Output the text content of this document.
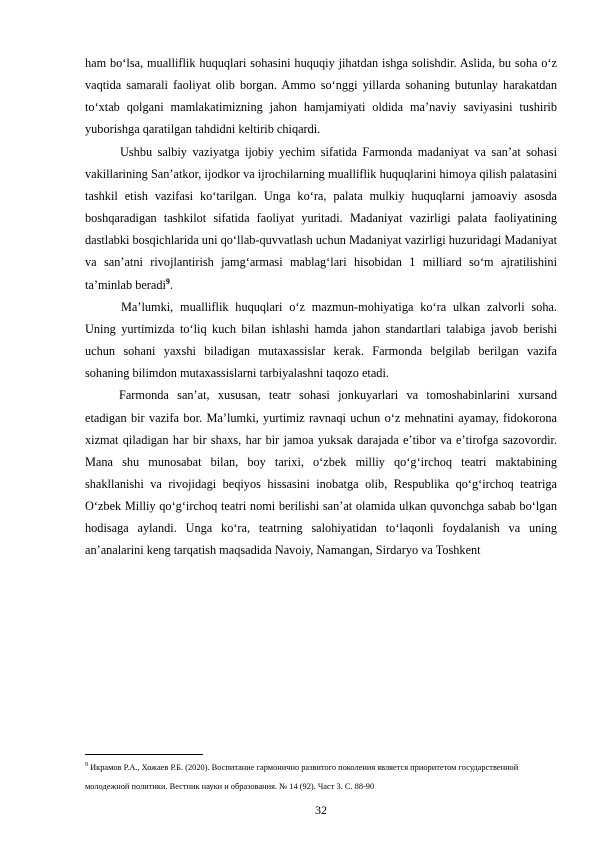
ham bo‘lsa, mualliflik huquqlari sohasini huquqiy jihatdan ishga solishdir. Aslida, bu soha o‘z vaqtida samarali faoliyat olib borgan. Ammo so‘nggi yillarda sohaning butunlay harakatdan to‘xtab qolgani mamlakatimizning jahon hamjamiyati oldida maʼnaviy saviyasini tushirib yuborishga qaratilgan tahdidni keltirib chiqardi.

Ushbu salbiy vaziyatga ijobiy yechim sifatida Farmonda madaniyat va sanʼat sohasi vakillarining Sanʼatkor, ijodkor va ijrochilarning mualliflik huquqlarini himoya qilish palatasini tashkil etish vazifasi ko‘tarilgan. Unga ko‘ra, palata mulkiy huquqlarni jamoaviy asosda boshqaradigan tashkilot sifatida faoliyat yuritadi. Madaniyat vazirligi palata faoliyatining dastlabki bosqichlarida uni qo‘llab-quvvatlash uchun Madaniyat vazirligi huzuridagi Madaniyat va sanʼatni rivojlantirish jamg‘armasi mablag‘lari hisobidan 1 milliard so‘m ajratilishini taʼminlab beradi$^9$.

Maʼlumki, mualliflik huquqlari o‘z mazmun-mohiyatiga ko‘ra ulkan zalvorli soha. Uning yurtimizda to‘liq kuch bilan ishlashi hamda jahon standartlari talabiga javob berishi uchun sohani yaxshi biladigan mutaxassislar kerak. Farmonda belgilab berilgan vazifa sohaning bilimdon mutaxassislarni tarbiyalashni taqozo etadi.

Farmonda sanʼat, xususan, teatr sohasi jonkuyarlari va tomoshabinlarini xursand etadigan bir vazifa bor. Maʼlumki, yurtimiz ravnaqi uchun o‘z mehnatini ayamay, fidokorona xizmat qiladigan har bir shaxs, har bir jamoa yuksak darajada eʼtibor va eʼtirofga sazovordir. Mana shu munosabat bilan, boy tarixi, o‘zbek milliy qo‘g‘irchoq teatri maktabining shakllanishi va rivojidagi beqiyos hissasini inobatga olib, Respublika qo‘g‘irchoq teatriga O‘zbek Milliy qo‘g‘irchoq teatri nomi berilishi sanʼat olamida ulkan quvonchga sabab bo‘lgan hodisaga aylandi. Unga ko‘ra, teatrning salohiyatidan to‘laqonli foydalanish va uning anʼanalarini keng tarqatish maqsadida Navoiy, Namangan, Sirdaryo va Toshkent

$^9$ Икрамов Р.А., Хожаев Р.Б. (2020). Воспитание гармонично развитого поколения является приоритетом государственной молодежной политики. Вестник науки и образования. № 14 (92). Част 3. С. 88-90

32
